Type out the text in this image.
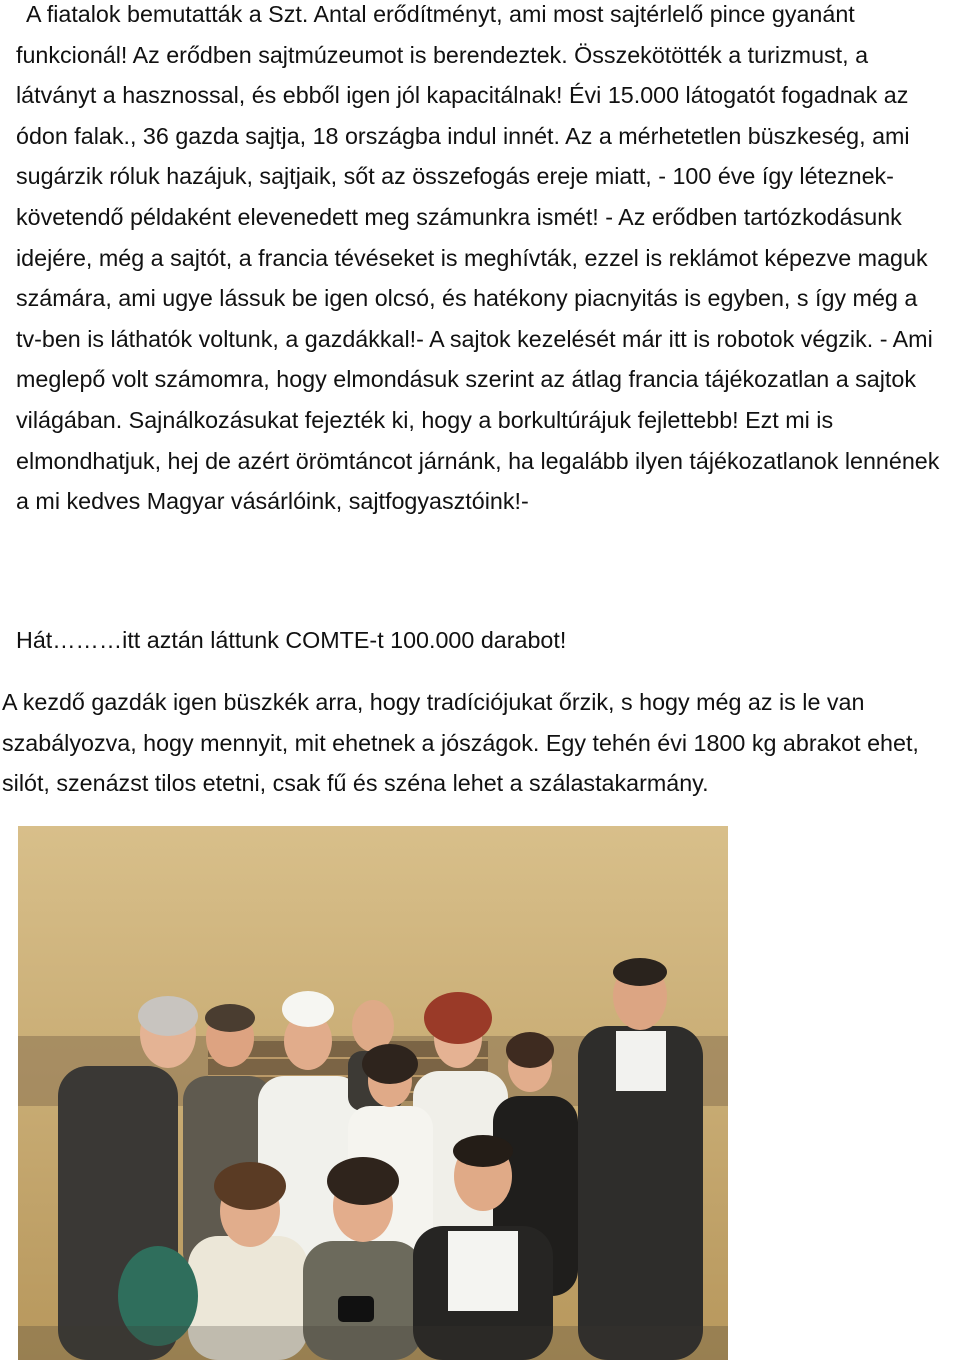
A fiatalok bemutatták a Szt. Antal erődítményt, ami most sajtérlelő pince gyanánt funkcionál! Az erődben sajtmúzeumot is berendeztek. Összekötötték a turizmust, a látványt a hasznossal, és ebből igen jól kapacitálnak! Évi 15.000 látogatót fogadnak az ódon falak., 36 gazda sajtja, 18 országba indul innét. Az a mérhetetlen büszkeség, ami sugárzik róluk hazájuk, sajtjaik, sőt az összefogás ereje miatt, - 100 éve így léteznek- követendő példaként elevenedett meg számunkra ismét! - Az erődben tartózkodásunk idejére, még a sajtót, a francia tévéseket is meghívták, ezzel is reklámot képezve maguk számára, ami ugye lássuk be igen olcsó, és hatékony piacnyitás is egyben, s így még a tv-ben is láthatók voltunk, a gazdákkal!- A sajtok kezelését már itt is robotok végzik. - Ami meglepő volt számomra, hogy elmondásuk szerint az átlag francia tájékozatlan a sajtok világában. Sajnálkozásukat fejezték ki, hogy a borkultúrájuk fejlettebb! Ezt mi is elmondhatjuk, hej de azért örömtáncot járnánk, ha legalább ilyen tájékozatlanok lennének a mi kedves Magyar vásárlóink, sajtfogyasztóink!-

Hát………itt aztán láttunk COMTE-t 100.000 darabot!

A kezdő gazdák igen büszkék arra, hogy tradíciójukat őrzik, s hogy még az is le van szabályozva, hogy mennyit, mit ehetnek a jószágok. Egy tehén évi 1800 kg abrakot ehet, silót, szenázst tilos etetni, csak fű és széna lehet a szálastakarmány.
